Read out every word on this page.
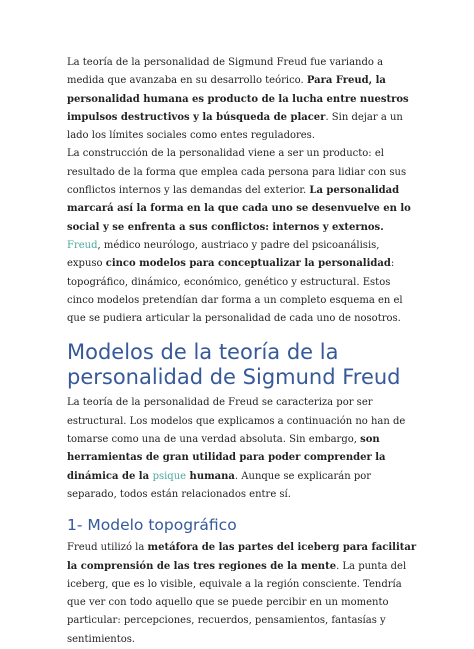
La teoría de la personalidad de Sigmund Freud fue variando a medida que avanzaba en su desarrollo teórico. Para Freud, la personalidad humana es producto de la lucha entre nuestros impulsos destructivos y la búsqueda de placer. Sin dejar a un lado los límites sociales como entes reguladores.

La construcción de la personalidad viene a ser un producto: el resultado de la forma que emplea cada persona para lidiar con sus conflictos internos y las demandas del exterior. La personalidad marcará así la forma en la que cada uno se desenvuelve en lo social y se enfrenta a sus conflictos: internos y externos.

Freud, médico neurólogo, austriaco y padre del psicoanálisis, expuso cinco modelos para conceptualizar la personalidad: topográfico, dinámico, económico, genético y estructural. Estos cinco modelos pretendían dar forma a un completo esquema en el que se pudiera articular la personalidad de cada uno de nosotros.

Modelos de la teoría de la personalidad de Sigmund Freud

La teoría de la personalidad de Freud se caracteriza por ser estructural. Los modelos que explicamos a continuación no han de tomarse como una de una verdad absoluta. Sin embargo, son herramientas de gran utilidad para poder comprender la dinámica de la psique humana. Aunque se explicarán por separado, todos están relacionados entre sí.

1- Modelo topográfico

Freud utilizó la metáfora de las partes del iceberg para facilitar la comprensión de las tres regiones de la mente. La punta del iceberg, que es lo visible, equivale a la región consciente. Tendría que ver con todo aquello que se puede percibir en un momento particular: percepciones, recuerdos, pensamientos, fantasías y sentimientos.
